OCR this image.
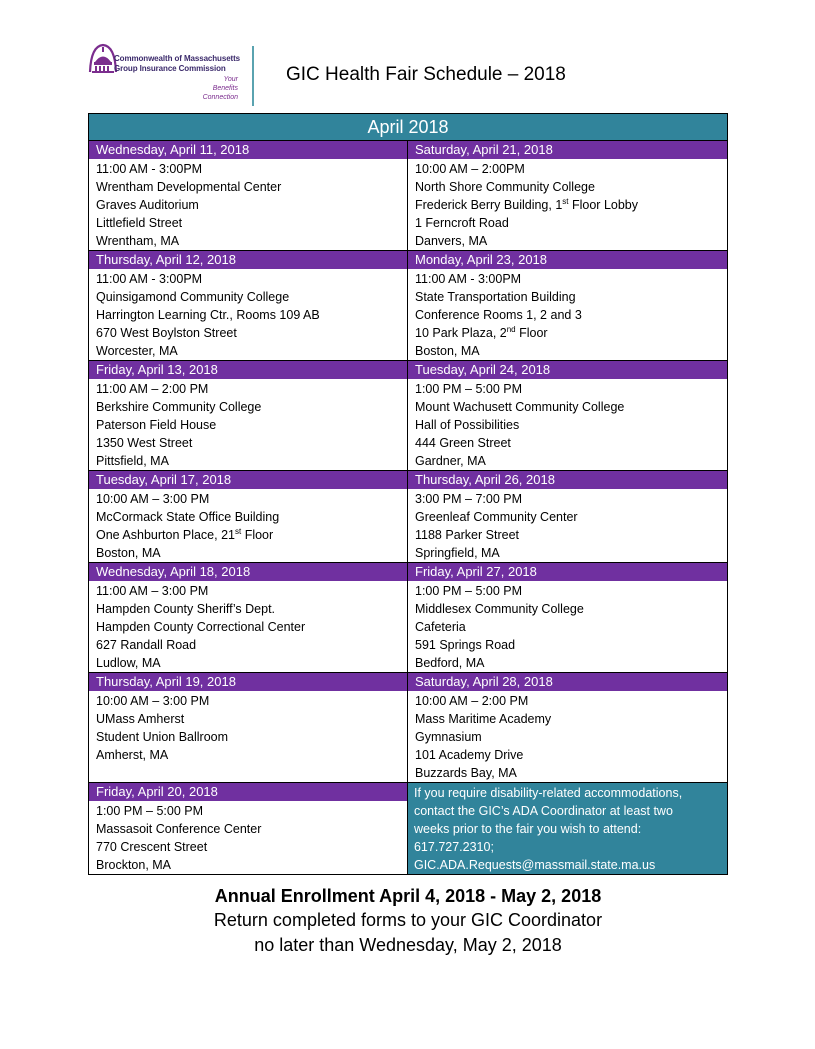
Commonwealth of Massachusetts
Group Insurance Commission
Your
Benefits
Connection
GIC Health Fair Schedule – 2018
April 2018
Wednesday, April 11, 2018
11:00 AM - 3:00PM
Wrentham Developmental Center
Graves Auditorium
Littlefield Street
Wrentham, MA
Saturday, April 21, 2018
10:00 AM – 2:00PM
North Shore Community College
Frederick Berry Building, 1st Floor Lobby
1 Ferncroft Road
Danvers, MA
Thursday, April 12, 2018
11:00 AM - 3:00PM
Quinsigamond Community College
Harrington Learning Ctr., Rooms 109 AB
670 West Boylston Street
Worcester, MA
Monday, April 23, 2018
11:00 AM - 3:00PM
State Transportation Building
Conference Rooms 1, 2 and 3
10 Park Plaza, 2nd Floor
Boston, MA
Friday, April 13, 2018
11:00 AM – 2:00 PM
Berkshire Community College
Paterson Field House
1350 West Street
Pittsfield, MA
Tuesday, April 24, 2018
1:00 PM – 5:00 PM
Mount Wachusett Community College
Hall of Possibilities
444 Green Street
Gardner, MA
Tuesday, April 17, 2018
10:00 AM – 3:00 PM
McCormack State Office Building
One Ashburton Place, 21st Floor
Boston, MA
Thursday, April 26, 2018
3:00 PM – 7:00 PM
Greenleaf Community Center
1188 Parker Street
Springfield, MA
Wednesday, April 18, 2018
11:00 AM – 3:00 PM
Hampden County Sheriff’s Dept.
Hampden County Correctional Center
627 Randall Road
Ludlow, MA
Friday, April 27, 2018
1:00 PM – 5:00 PM
Middlesex Community College
Cafeteria
591 Springs Road
Bedford, MA
Thursday, April 19, 2018
10:00 AM – 3:00 PM
UMass Amherst
Student Union Ballroom
Amherst, MA
Saturday, April 28, 2018
10:00 AM – 2:00 PM
Mass Maritime Academy
Gymnasium
101 Academy Drive
Buzzards Bay, MA
Friday, April 20, 2018
1:00 PM – 5:00 PM
Massasoit Conference Center
770 Crescent Street
Brockton, MA
If you require disability-related accommodations,
contact the GIC’s ADA Coordinator at least two
weeks prior to the fair you wish to attend:
617.727.2310;
GIC.ADA.Requests@massmail.state.ma.us
Annual Enrollment April 4, 2018 - May 2, 2018
Return completed forms to your GIC Coordinator
no later than Wednesday, May 2, 2018
